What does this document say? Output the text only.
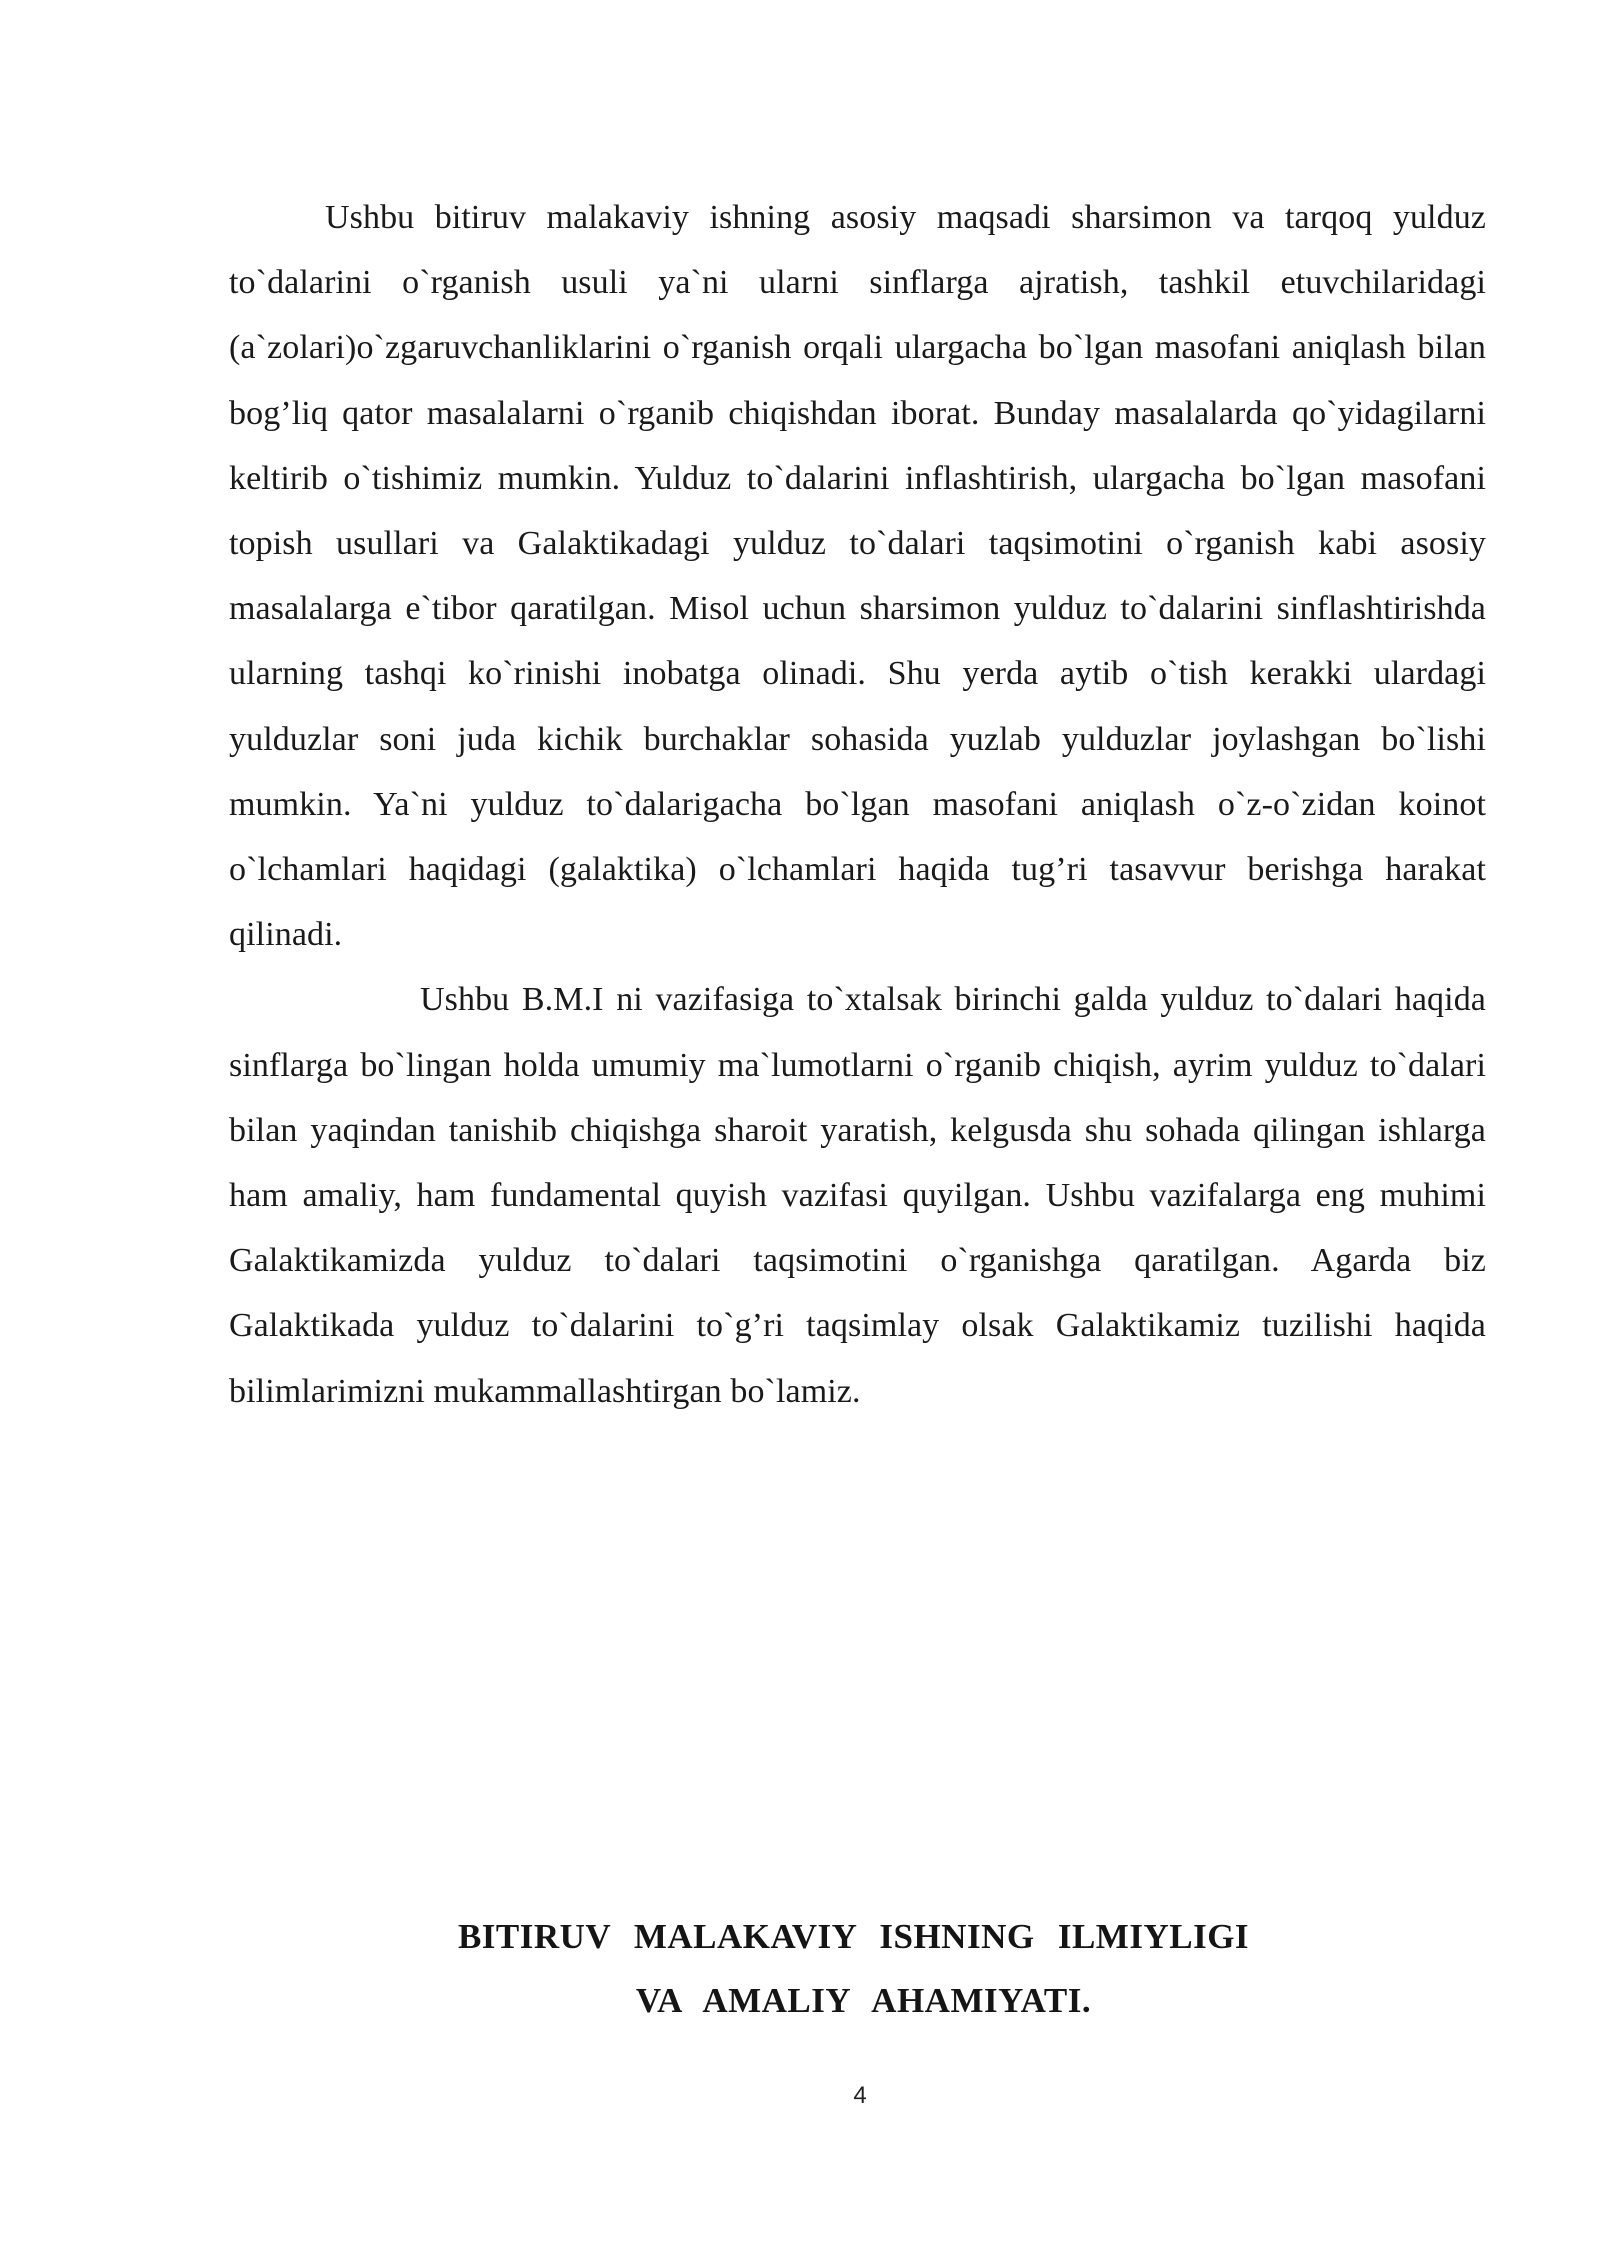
Ushbu bitiruv malakaviy ishning asosiy maqsadi sharsimon va tarqoq yulduz to`dalarini o`rganish usuli ya`ni ularni sinflarga ajratish, tashkil etuvchilaridagi (a`zolari)o`zgaruvchanliklarini o`rganish orqali ulargacha bo`lgan masofani aniqlash bilan bog’liq qator masalalarni o`rganib chiqishdan iborat. Bunday masalalarda qo`yidagilarni keltirib o`tishimiz mumkin. Yulduz to`dalarini inflashtirish, ulargacha bo`lgan masofani topish usullari va Galaktikadagi yulduz to`dalari taqsimotini o`rganish kabi asosiy masalalarga e`tibor qaratilgan. Misol uchun sharsimon yulduz to`dalarini sinflashtirishda ularning tashqi ko`rinishi inobatga olinadi. Shu yerda aytib o`tish kerakki ulardagi yulduzlar soni juda kichik burchaklar sohasida yuzlab yulduzlar joylashgan bo`lishi mumkin. Ya`ni yulduz to`dalarigacha bo`lgan masofani aniqlash o`z-o`zidan koinot o`lchamlari haqidagi (galaktika) o`lchamlari haqida tug’ri tasavvur berishga harakat qilinadi.

Ushbu B.M.I ni vazifasiga to`xtalsak birinchi galda yulduz to`dalari haqida sinflarga bo`lingan holda umumiy ma`lumotlarni o`rganib chiqish, ayrim yulduz to`dalari bilan yaqindan tanishib chiqishga sharoit yaratish, kelgusda shu sohada qilingan ishlarga ham amaliy, ham fundamental quyish vazifasi quyilgan. Ushbu vazifalarga eng muhimi Galaktikamizda yulduz to`dalari taqsimotini o`rganishga qaratilgan. Agarda biz Galaktikada yulduz to`dalarini to`g’ri taqsimlay olsak Galaktikamiz tuzilishi haqida bilimlarimizni mukammallashtirgan bo`lamiz.

BITIRUV MALAKAVIY ISHNING ILMIYLIGI
VA AMALIY AHAMIYATI.
4
